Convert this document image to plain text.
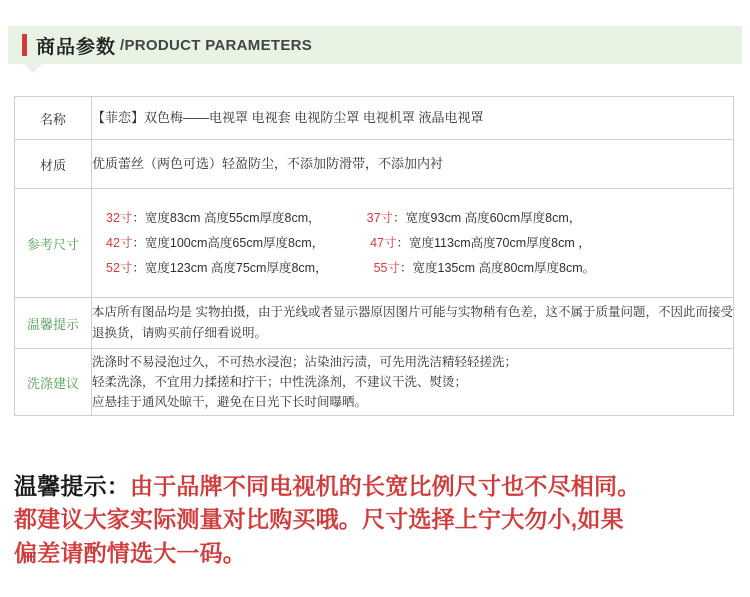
商品参数 /PRODUCT PARAMETERS
名称	【菲恋】双色梅——电视罩 电视套 电视防尘罩 电视机罩 液晶电视罩
材质	优质蕾丝（两色可选）轻盈防尘，不添加防滑带，不添加内衬
参考尺寸	32寸：宽度83cm 高度55cm厚度8cm， 37寸：宽度93cm 高度60cm厚度8cm，
42寸：宽度100cm高度65cm厚度8cm， 47寸：宽度113cm高度70cm厚度8cm ，
52寸：宽度123cm 高度75cm厚度8cm， 55寸：宽度135cm 高度80cm厚度8cm。

温馨提示	本店所有图品均是 实物拍摄，由于光线或者显示器原因图片可能与实物稍有色差，这不属于质量问题，不因此而接受退换货，请购买前仔细看说明。
洗涤建议	洗涤时不易浸泡过久，不可热水浸泡；沾染油污渍，可先用洗洁精轻轻搓洗；
轻柔洗涤，不宜用力揉搓和拧干；中性洗涤剂，不建议干洗、熨烫；
应悬挂于通风处晾干，避免在日光下长时间曝晒。
温馨提示：由于品牌不同电视机的长宽比例尺寸也不尽相同。
都建议大家实际测量对比购买哦。尺寸选择上宁大勿小,如果
偏差请酌情选大一码。
